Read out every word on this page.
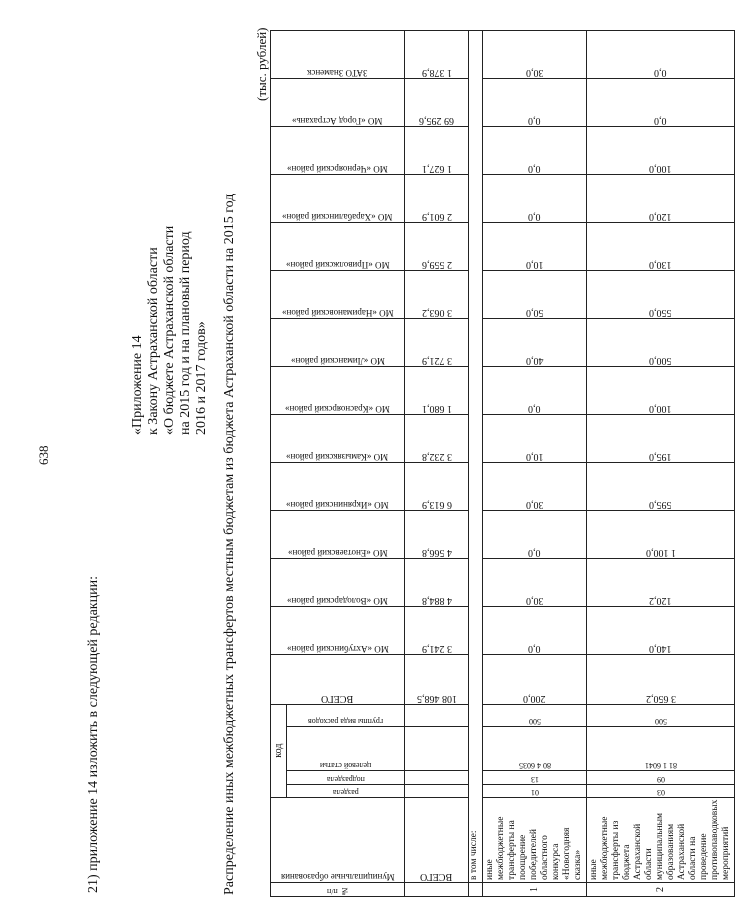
638
21) приложение 14 изложить в следующей редакции:
«Приложение 14
к Закону Астраханской области
«О бюджете Астраханской области
на 2015 год и на плановый период
2016 и 2017 годов» Распределение иных межбюджетных трансфертов местным бюджетам из бюджета Астраханской области на 2015 год
(тыс. рублей)
№ п/п	Муниципальные образования	код				ВСЕГО	МО «Ахтубинский район»	МО «Володарский район»	МО «Енотаевский район»	МО «Икрянинский район»	МО «Камызякский район»	МО «Красноярский район»	МО «Лиманский район»	МО «Наримановский район»	МО «Приволжский район»	МО «Харабалинский район»	МО «Черноярский район»	МО «Город Астрахань»	ЗАТО Знаменск

		раздела	подраздела	целевой статьи	группы вида расходов														

	ВСЕГО					108 468,5	3 241,9	4 884,8	4 566,8	6 613,9	3 232,8	1 680,1	3 721,9	3 063,2	2 559,6	2 601,9	1 627,1	69 295,6	1 378,9

	в том числе:																		
1	иные межбюджетные трансферты на поощрение победителей областного конкурса «Новогодняя сказка»	01	13	80 4 6035	500	200,0	0,0	30,0	0,0	30,0	10,0	0,0	40,0	50,0	10,0	0,0	0,0	0,0	30,0

2	иные межбюджетные трансферты из бюджета Астраханской области муниципальным образованиям Астраханской области на проведение противопаводковых мероприятий	03	09	81 1 6041	500	3 650,2	140,0	120,2	1 100,0	595,0	195,0	100,0	500,0	550,0	130,0	120,0	100,0	0,0	0,0
